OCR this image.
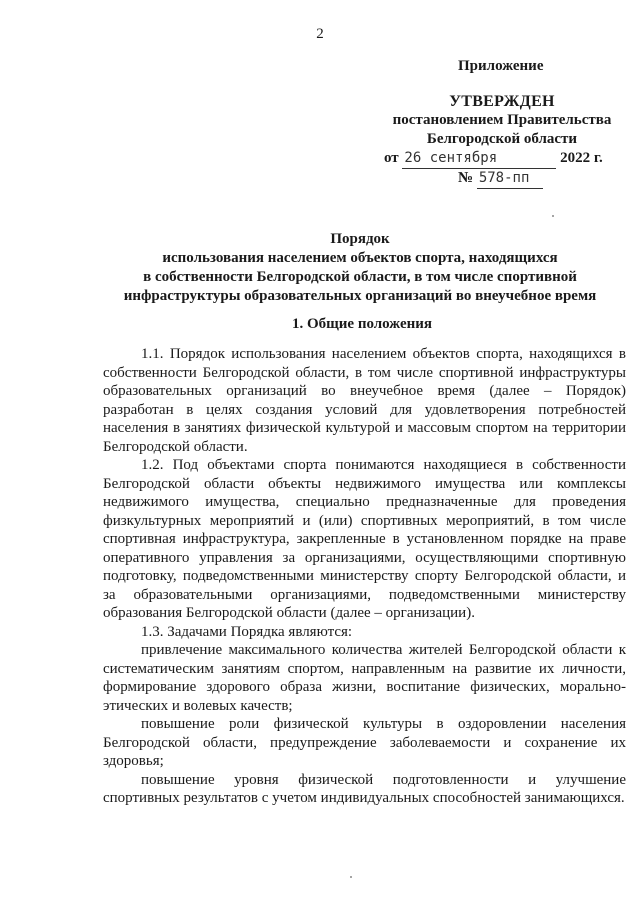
2
Приложение
УТВЕРЖДЕН
постановлением Правительства
Белгородской области
от 26 сентября	2022 г.
№ 578-пп
Порядок
использования населением объектов спорта, находящихся
в собственности Белгородской области, в том числе спортивной
инфраструктуры образовательных организаций во внеучебное время
1. Общие положения

1.1. Порядок использования населением объектов спорта, находящихся в собственности Белгородской области, в том числе спортивной инфраструктуры образовательных организаций во внеучебное время (далее – Порядок) разработан в целях создания условий для удовлетворения потребностей населения в занятиях физической культурой и массовым спортом на территории Белгородской области.

1.2. Под объектами спорта понимаются находящиеся в собственности Белгородской области объекты недвижимого имущества или комплексы недвижимого имущества, специально предназначенные для проведения физкультурных мероприятий и (или) спортивных мероприятий, в том числе спортивная инфраструктура, закрепленные в установленном порядке на праве оперативного управления за организациями, осуществляющими спортивную подготовку, подведомственными министерству спорту Белгородской области, и за образовательными организациями, подведомственными министерству образования Белгородской области (далее – организации).

1.3. Задачами Порядка являются:

привлечение максимального количества жителей Белгородской области к систематическим занятиям спортом, направленным на развитие их личности, формирование здорового образа жизни, воспитание физических, морально-этических и волевых качеств;

повышение роли физической культуры в оздоровлении населения Белгородской области, предупреждение заболеваемости и сохранение их здоровья;

повышение уровня физической подготовленности и улучшение спортивных результатов с учетом индивидуальных способностей занимающихся.
